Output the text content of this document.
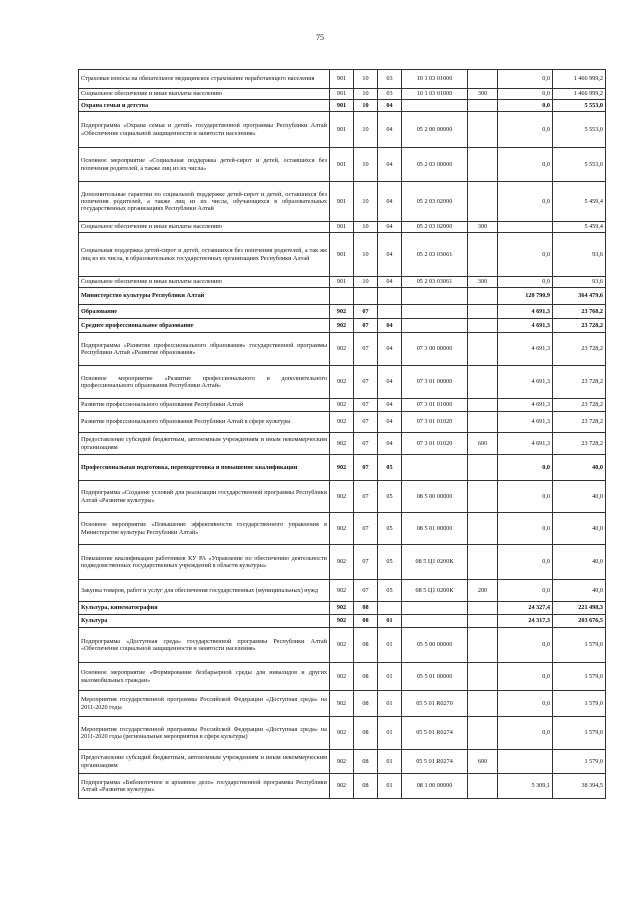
75
Страховые взносы на обязательное медицинское страхование неработающего населения	901	10	03	10 1 03 01000		0,0	1 466 999,2
Социальное обеспечение и иные выплаты населению	901	10	03	10 1 03 01000	300	0,0	1 466 999,2
Охрана семьи и детства	901	10	04			0,0	5 553,0
Подпрограмма «Охрана семьи и детей» государственной программы Республики Алтай «Обеспечение социальной защищенности и занятости населения»	901	10	04	05 2 00 00000		0,0	5 553,0
Основное мероприятие «Социальная поддержка детей-сирот и детей, оставшихся без попечения родителей, а также лиц из их числа»	901	10	04	05 2 03 00000		0,0	5 553,0
Дополнительные гарантии по социальной поддержке детей-сирот и детей, оставшихся без попечения родителей, а также лиц из их числа, обучающихся в образовательных государственных организациях Республики Алтай	901	10	04	05 2 03 02000		0,0	5 459,4
Социальное обеспечение и иные выплаты населению	901	10	04	05 2 03 02000	300		5 459,4
Социальная поддержка детей-сирот и детей, оставшихся без попечения родителей, а так же лиц из их числа, в образовательных государственных организациях Республики Алтай	901	10	04	05 2 03 03061		0,0	93,6
Социальное обеспечение и иные выплаты населению	901	10	04	05 2 03 03061	300	0,0	93,6
Министерство культуры Республики Алтай						120 790,9	364 479,6
Образование	902	07				4 691,3	23 768,2
Среднее профессиональное образование	902	07	04			4 691,3	23 728,2
Подпрограмма «Развитие профессионального образования» государственной программы Республики Алтай «Развитие образования»	902	07	04	07 3 00 00000		4 691,3	23 728,2
Основное мероприятие «Развитие профессионального и дополнительного профессионального образования Республики Алтай»	902	07	04	07 3 01 00000		4 691,3	23 728,2
Развитие профессионального образования Республики Алтай	902	07	04	07 3 01 01000		4 691,3	23 728,2
Развитие профессионального образования Республики Алтай в сфере культуры	902	07	04	07 3 01 01020		4 691,3	23 728,2
Предоставление субсидий бюджетным, автономным учреждениям и иным некоммерческим организациям	902	07	04	07 3 01 01020	600	4 691,3	23 728,2
Профессиональная подготовка, переподготовка и повышение квалификации	902	07	05			0,0	40,0
Подпрограмма «Создание условий для реализации государственной программы Республики Алтай «Развитие культуры»	902	07	05	08 5 00 00000		0,0	40,0
Основное мероприятие «Повышение эффективности государственного управления в Министерстве культуры Республики Алтай»	902	07	05	08 5 01 00000		0,0	40,0
Повышение квалификации работников КУ РА «Управление по обеспечению деятельности подведомственных государственных учреждений в области культуры»	902	07	05	08 5 Ц1 0200К		0,0	40,0
Закупка товаров, работ и услуг для обеспечения государственных (муниципальных) нужд	902	07	05	08 5 Ц1 0200К	200	0,0	40,0
Культура, кинематография	902	08				24 327,4	221 498,3
Культура	902	08	01			24 317,3	203 676,5
Подпрограмма «Доступная среда» государственной программы Республики Алтай «Обеспечение социальной защищенности и занятости населения»	902	08	01	05 5 00 00000		0,0	1 579,0
Основное мероприятие «Формирование безбарьерной среды для инвалидов и других маломобильных граждан»	902	08	01	05 5 01 00000		0,0	1 579,0
Мероприятия государственной программы Российской Федерации «Доступная среда» на 2011-2020 годы	902	08	01	05 5 01 R0270		0,0	1 579,0
Мероприятия государственной программы Российской Федерации «Доступная среда» на 2011-2020 годы (региональные мероприятия в сфере культуры)	902	08	01	05 5 01 R0274		0,0	1 579,0
Предоставление субсидий бюджетным, автономным учреждениям и иным некоммерческим организациям	902	08	01	05 5 01 R0274	600		1 579,0
Подпрограмма «Библиотечное и архивное дело» государственной программы Республики Алтай «Развитие культуры»	902	08	01	08 1 00 00000		5 309,1	38 394,5
